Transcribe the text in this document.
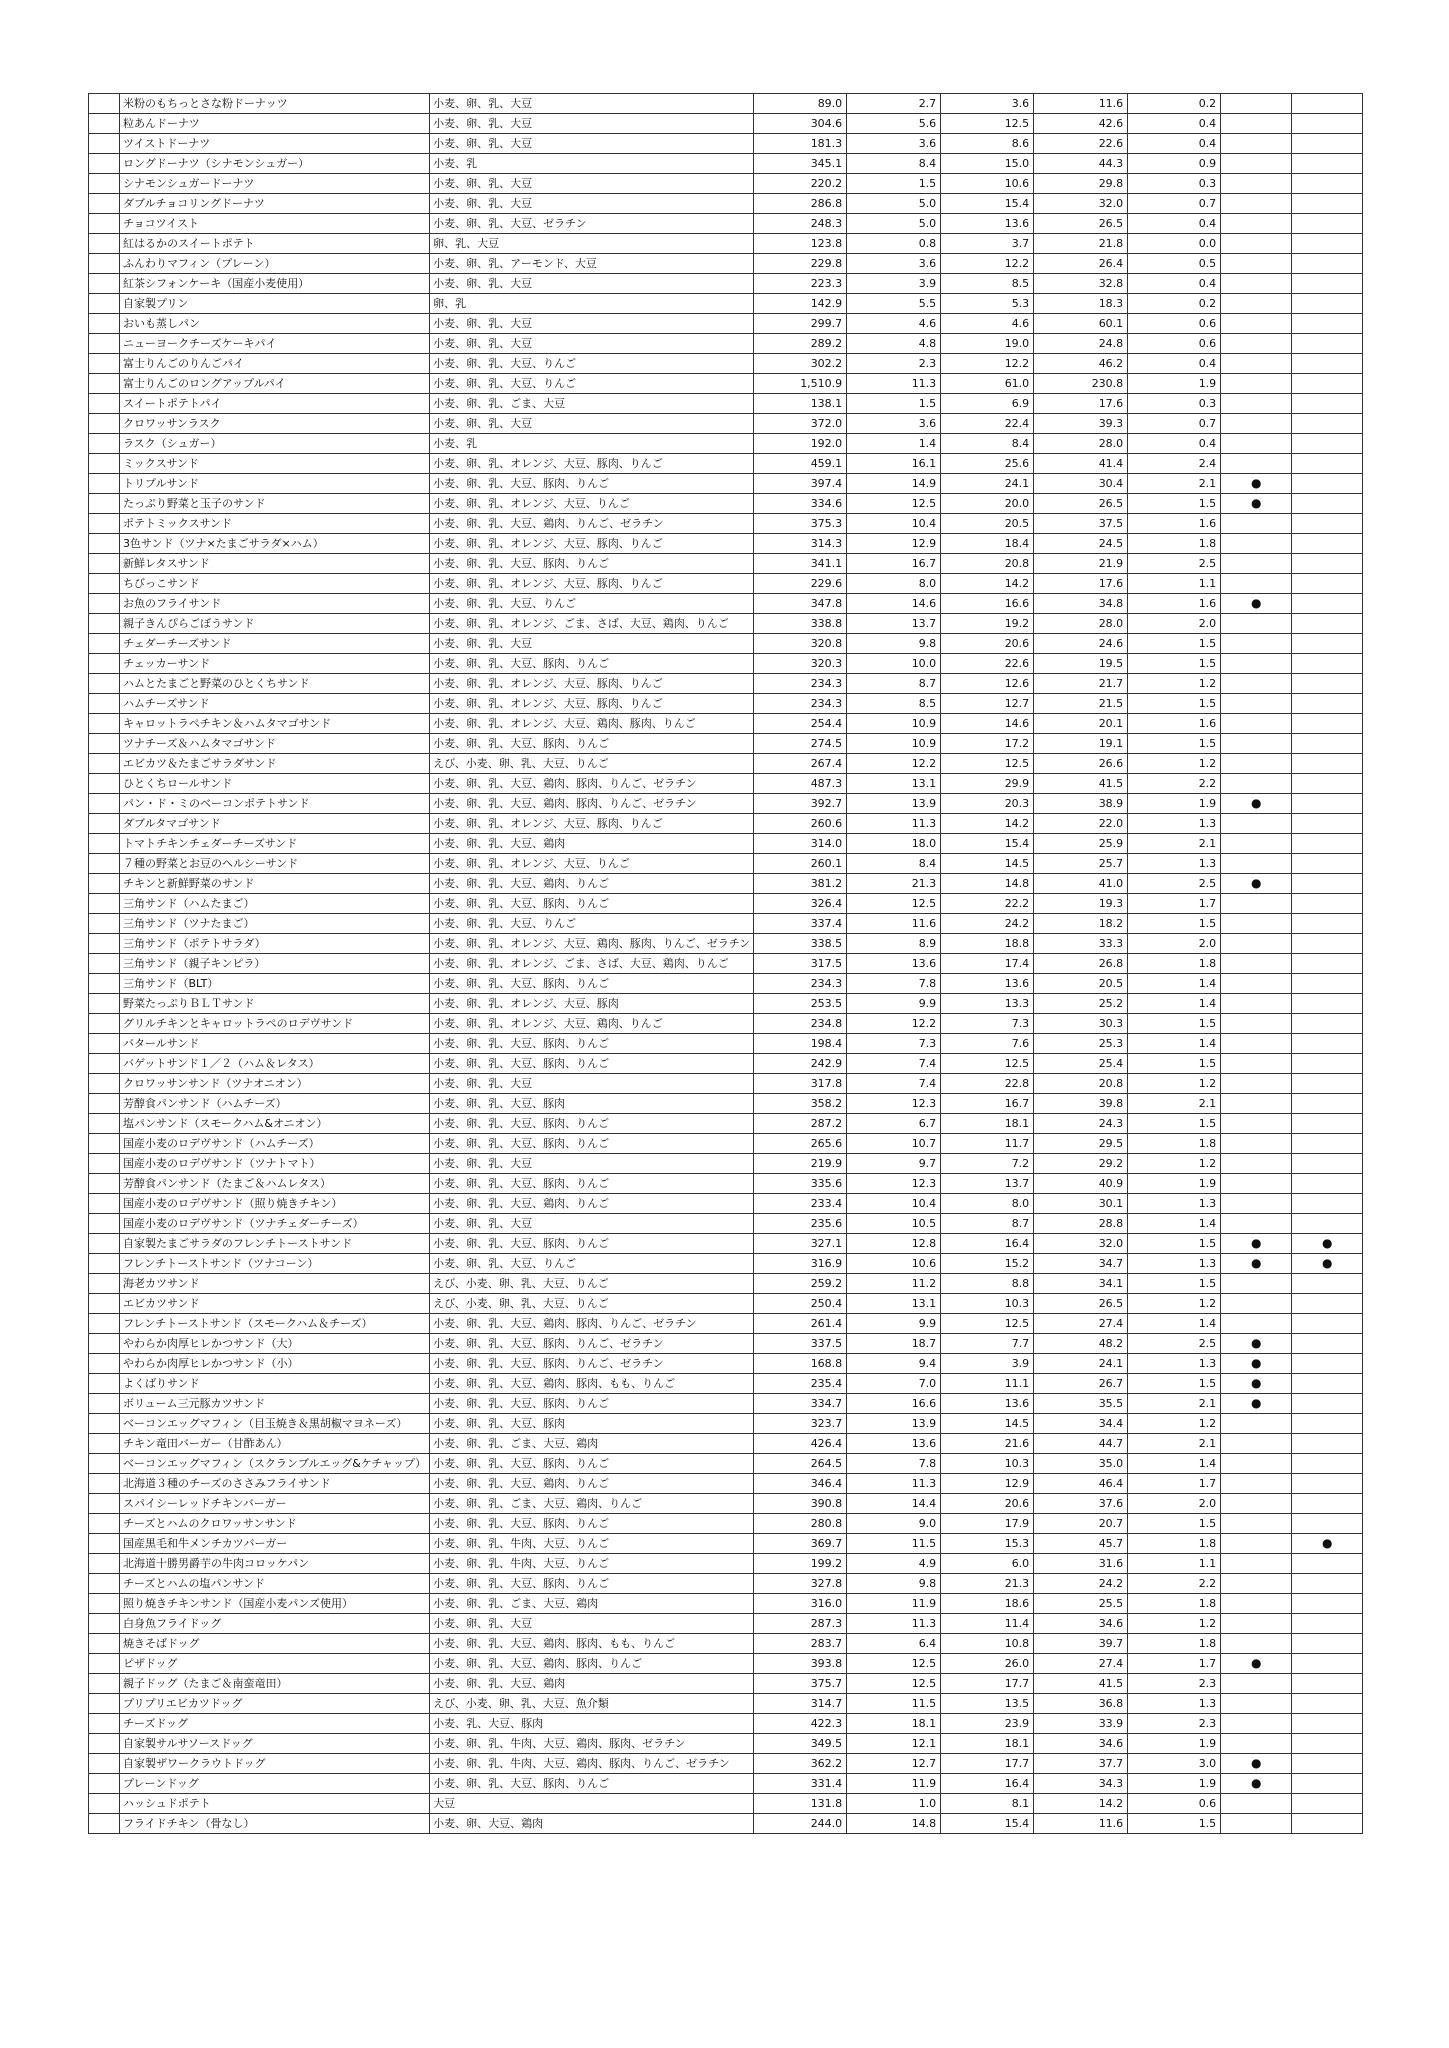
	米粉のもちっとさな粉ドーナッツ	小麦、卵、乳、大豆	89.0	2.7	3.6	11.6	0.2		
	粒あんドーナツ	小麦、卵、乳、大豆	304.6	5.6	12.5	42.6	0.4		
	ツイストドーナツ	小麦、卵、乳、大豆	181.3	3.6	8.6	22.6	0.4		
	ロングドーナツ（シナモンシュガー）	小麦、乳	345.1	8.4	15.0	44.3	0.9		
	シナモンシュガードーナツ	小麦、卵、乳、大豆	220.2	1.5	10.6	29.8	0.3		
	ダブルチョコリングドーナツ	小麦、卵、乳、大豆	286.8	5.0	15.4	32.0	0.7		
	チョコツイスト	小麦、卵、乳、大豆、ゼラチン	248.3	5.0	13.6	26.5	0.4		
	紅はるかのスイートポテト	卵、乳、大豆	123.8	0.8	3.7	21.8	0.0		
	ふんわりマフィン（プレーン）	小麦、卵、乳、アーモンド、大豆	229.8	3.6	12.2	26.4	0.5		
	紅茶シフォンケーキ（国産小麦使用）	小麦、卵、乳、大豆	223.3	3.9	8.5	32.8	0.4		
	自家製プリン	卵、乳	142.9	5.5	5.3	18.3	0.2		
	おいも蒸しパン	小麦、卵、乳、大豆	299.7	4.6	4.6	60.1	0.6		
	ニューヨークチーズケーキパイ	小麦、卵、乳、大豆	289.2	4.8	19.0	24.8	0.6		
	富士りんごのりんごパイ	小麦、卵、乳、大豆、りんご	302.2	2.3	12.2	46.2	0.4		
	富士りんごのロングアップルパイ	小麦、卵、乳、大豆、りんご	1,510.9	11.3	61.0	230.8	1.9		
	スイートポテトパイ	小麦、卵、乳、ごま、大豆	138.1	1.5	6.9	17.6	0.3		
	クロワッサンラスク	小麦、卵、乳、大豆	372.0	3.6	22.4	39.3	0.7		
	ラスク（シュガー）	小麦、乳	192.0	1.4	8.4	28.0	0.4		
	ミックスサンド	小麦、卵、乳、オレンジ、大豆、豚肉、りんご	459.1	16.1	25.6	41.4	2.4		
	トリプルサンド	小麦、卵、乳、大豆、豚肉、りんご	397.4	14.9	24.1	30.4	2.1	●	
	たっぷり野菜と玉子のサンド	小麦、卵、乳、オレンジ、大豆、りんご	334.6	12.5	20.0	26.5	1.5	●	
	ポテトミックスサンド	小麦、卵、乳、大豆、鶏肉、りんご、ゼラチン	375.3	10.4	20.5	37.5	1.6		
	3色サンド（ツナ×たまごサラダ×ハム）	小麦、卵、乳、オレンジ、大豆、豚肉、りんご	314.3	12.9	18.4	24.5	1.8		
	新鮮レタスサンド	小麦、卵、乳、大豆、豚肉、りんご	341.1	16.7	20.8	21.9	2.5		
	ちびっこサンド	小麦、卵、乳、オレンジ、大豆、豚肉、りんご	229.6	8.0	14.2	17.6	1.1		
	お魚のフライサンド	小麦、卵、乳、大豆、りんご	347.8	14.6	16.6	34.8	1.6	●	
	親子きんぴらごぼうサンド	小麦、卵、乳、オレンジ、ごま、さば、大豆、鶏肉、りんご	338.8	13.7	19.2	28.0	2.0		
	チェダーチーズサンド	小麦、卵、乳、大豆	320.8	9.8	20.6	24.6	1.5		
	チェッカーサンド	小麦、卵、乳、大豆、豚肉、りんご	320.3	10.0	22.6	19.5	1.5		
	ハムとたまごと野菜のひとくちサンド	小麦、卵、乳、オレンジ、大豆、豚肉、りんご	234.3	8.7	12.6	21.7	1.2		
	ハムチーズサンド	小麦、卵、乳、オレンジ、大豆、豚肉、りんご	234.3	8.5	12.7	21.5	1.5		
	キャロットラペチキン＆ハムタマゴサンド	小麦、卵、乳、オレンジ、大豆、鶏肉、豚肉、りんご	254.4	10.9	14.6	20.1	1.6		
	ツナチーズ＆ハムタマゴサンド	小麦、卵、乳、大豆、豚肉、りんご	274.5	10.9	17.2	19.1	1.5		
	エビカツ＆たまごサラダサンド	えび、小麦、卵、乳、大豆、りんご	267.4	12.2	12.5	26.6	1.2		
	ひとくちロールサンド	小麦、卵、乳、大豆、鶏肉、豚肉、りんご、ゼラチン	487.3	13.1	29.9	41.5	2.2		
	パン・ド・ミのベーコンポテトサンド	小麦、卵、乳、大豆、鶏肉、豚肉、りんご、ゼラチン	392.7	13.9	20.3	38.9	1.9	●	
	ダブルタマゴサンド	小麦、卵、乳、オレンジ、大豆、豚肉、りんご	260.6	11.3	14.2	22.0	1.3		
	トマトチキンチェダーチーズサンド	小麦、卵、乳、大豆、鶏肉	314.0	18.0	15.4	25.9	2.1		
	７種の野菜とお豆のヘルシーサンド	小麦、卵、乳、オレンジ、大豆、りんご	260.1	8.4	14.5	25.7	1.3		
	チキンと新鮮野菜のサンド	小麦、卵、乳、大豆、鶏肉、りんご	381.2	21.3	14.8	41.0	2.5	●	
	三角サンド（ハムたまご）	小麦、卵、乳、大豆、豚肉、りんご	326.4	12.5	22.2	19.3	1.7		
	三角サンド（ツナたまご）	小麦、卵、乳、大豆、りんご	337.4	11.6	24.2	18.2	1.5		
	三角サンド（ポテトサラダ）	小麦、卵、乳、オレンジ、大豆、鶏肉、豚肉、りんご、ゼラチン	338.5	8.9	18.8	33.3	2.0		
	三角サンド（親子キンピラ）	小麦、卵、乳、オレンジ、ごま、さば、大豆、鶏肉、りんご	317.5	13.6	17.4	26.8	1.8		
	三角サンド（BLT）	小麦、卵、乳、大豆、豚肉、りんご	234.3	7.8	13.6	20.5	1.4		
	野菜たっぷりＢＬＴサンド	小麦、卵、乳、オレンジ、大豆、豚肉	253.5	9.9	13.3	25.2	1.4		
	グリルチキンとキャロットラペのロデヴサンド	小麦、卵、乳、オレンジ、大豆、鶏肉、りんご	234.8	12.2	7.3	30.3	1.5		
	バタールサンド	小麦、卵、乳、大豆、豚肉、りんご	198.4	7.3	7.6	25.3	1.4		
	バゲットサンド１／２（ハム＆レタス）	小麦、卵、乳、大豆、豚肉、りんご	242.9	7.4	12.5	25.4	1.5		
	クロワッサンサンド（ツナオニオン）	小麦、卵、乳、大豆	317.8	7.4	22.8	20.8	1.2		
	芳醇食パンサンド（ハムチーズ）	小麦、卵、乳、大豆、豚肉	358.2	12.3	16.7	39.8	2.1		
	塩パンサンド（スモークハム&オニオン）	小麦、卵、乳、大豆、豚肉、りんご	287.2	6.7	18.1	24.3	1.5		
	国産小麦のロデヴサンド（ハムチーズ）	小麦、卵、乳、大豆、豚肉、りんご	265.6	10.7	11.7	29.5	1.8		
	国産小麦のロデヴサンド（ツナトマト）	小麦、卵、乳、大豆	219.9	9.7	7.2	29.2	1.2		
	芳醇食パンサンド（たまご＆ハムレタス）	小麦、卵、乳、大豆、豚肉、りんご	335.6	12.3	13.7	40.9	1.9		
	国産小麦のロデヴサンド（照り焼きチキン）	小麦、卵、乳、大豆、鶏肉、りんご	233.4	10.4	8.0	30.1	1.3		
	国産小麦のロデヴサンド（ツナチェダーチーズ）	小麦、卵、乳、大豆	235.6	10.5	8.7	28.8	1.4		
	自家製たまごサラダのフレンチトーストサンド	小麦、卵、乳、大豆、豚肉、りんご	327.1	12.8	16.4	32.0	1.5	●	●
	フレンチトーストサンド（ツナコーン）	小麦、卵、乳、大豆、りんご	316.9	10.6	15.2	34.7	1.3	●	●
	海老カツサンド	えび、小麦、卵、乳、大豆、りんご	259.2	11.2	8.8	34.1	1.5		
	エビカツサンド	えび、小麦、卵、乳、大豆、りんご	250.4	13.1	10.3	26.5	1.2		
	フレンチトーストサンド（スモークハム＆チーズ）	小麦、卵、乳、大豆、鶏肉、豚肉、りんご、ゼラチン	261.4	9.9	12.5	27.4	1.4		
	やわらか肉厚ヒレかつサンド（大）	小麦、卵、乳、大豆、豚肉、りんご、ゼラチン	337.5	18.7	7.7	48.2	2.5	●	
	やわらか肉厚ヒレかつサンド（小）	小麦、卵、乳、大豆、豚肉、りんご、ゼラチン	168.8	9.4	3.9	24.1	1.3	●	
	よくばりサンド	小麦、卵、乳、大豆、鶏肉、豚肉、もも、りんご	235.4	7.0	11.1	26.7	1.5	●	
	ボリューム三元豚カツサンド	小麦、卵、乳、大豆、豚肉、りんご	334.7	16.6	13.6	35.5	2.1	●	
	ベーコンエッグマフィン（目玉焼き＆黒胡椒マヨネーズ）	小麦、卵、乳、大豆、豚肉	323.7	13.9	14.5	34.4	1.2		
	チキン竜田バーガー（甘酢あん）	小麦、卵、乳、ごま、大豆、鶏肉	426.4	13.6	21.6	44.7	2.1		
	ベーコンエッグマフィン（スクランブルエッグ&ケチャップ）	小麦、卵、乳、大豆、豚肉、りんご	264.5	7.8	10.3	35.0	1.4		
	北海道３種のチーズのささみフライサンド	小麦、卵、乳、大豆、鶏肉、りんご	346.4	11.3	12.9	46.4	1.7		
	スパイシーレッドチキンバーガー	小麦、卵、乳、ごま、大豆、鶏肉、りんご	390.8	14.4	20.6	37.6	2.0		
	チーズとハムのクロワッサンサンド	小麦、卵、乳、大豆、豚肉、りんご	280.8	9.0	17.9	20.7	1.5		
	国産黒毛和牛メンチカツバーガー	小麦、卵、乳、牛肉、大豆、りんご	369.7	11.5	15.3	45.7	1.8		●
	北海道十勝男爵芋の牛肉コロッケパン	小麦、卵、乳、牛肉、大豆、りんご	199.2	4.9	6.0	31.6	1.1		
	チーズとハムの塩パンサンド	小麦、卵、乳、大豆、豚肉、りんご	327.8	9.8	21.3	24.2	2.2		
	照り焼きチキンサンド（国産小麦パンズ使用）	小麦、卵、乳、ごま、大豆、鶏肉	316.0	11.9	18.6	25.5	1.8		
	白身魚フライドッグ	小麦、卵、乳、大豆	287.3	11.3	11.4	34.6	1.2		
	焼きそばドッグ	小麦、卵、乳、大豆、鶏肉、豚肉、もも、りんご	283.7	6.4	10.8	39.7	1.8		
	ピザドッグ	小麦、卵、乳、大豆、鶏肉、豚肉、りんご	393.8	12.5	26.0	27.4	1.7	●	
	親子ドッグ（たまご＆南蛮竜田）	小麦、卵、乳、大豆、鶏肉	375.7	12.5	17.7	41.5	2.3		
	プリプリエビカツドッグ	えび、小麦、卵、乳、大豆、魚介類	314.7	11.5	13.5	36.8	1.3		
	チーズドッグ	小麦、乳、大豆、豚肉	422.3	18.1	23.9	33.9	2.3		
	自家製サルサソースドッグ	小麦、卵、乳、牛肉、大豆、鶏肉、豚肉、ゼラチン	349.5	12.1	18.1	34.6	1.9		
	自家製ザワークラウトドッグ	小麦、卵、乳、牛肉、大豆、鶏肉、豚肉、りんご、ゼラチン	362.2	12.7	17.7	37.7	3.0	●	
	プレーンドッグ	小麦、卵、乳、大豆、豚肉、りんご	331.4	11.9	16.4	34.3	1.9	●	
	ハッシュドポテト	大豆	131.8	1.0	8.1	14.2	0.6		
	フライドチキン（骨なし）	小麦、卵、大豆、鶏肉	244.0	14.8	15.4	11.6	1.5		
